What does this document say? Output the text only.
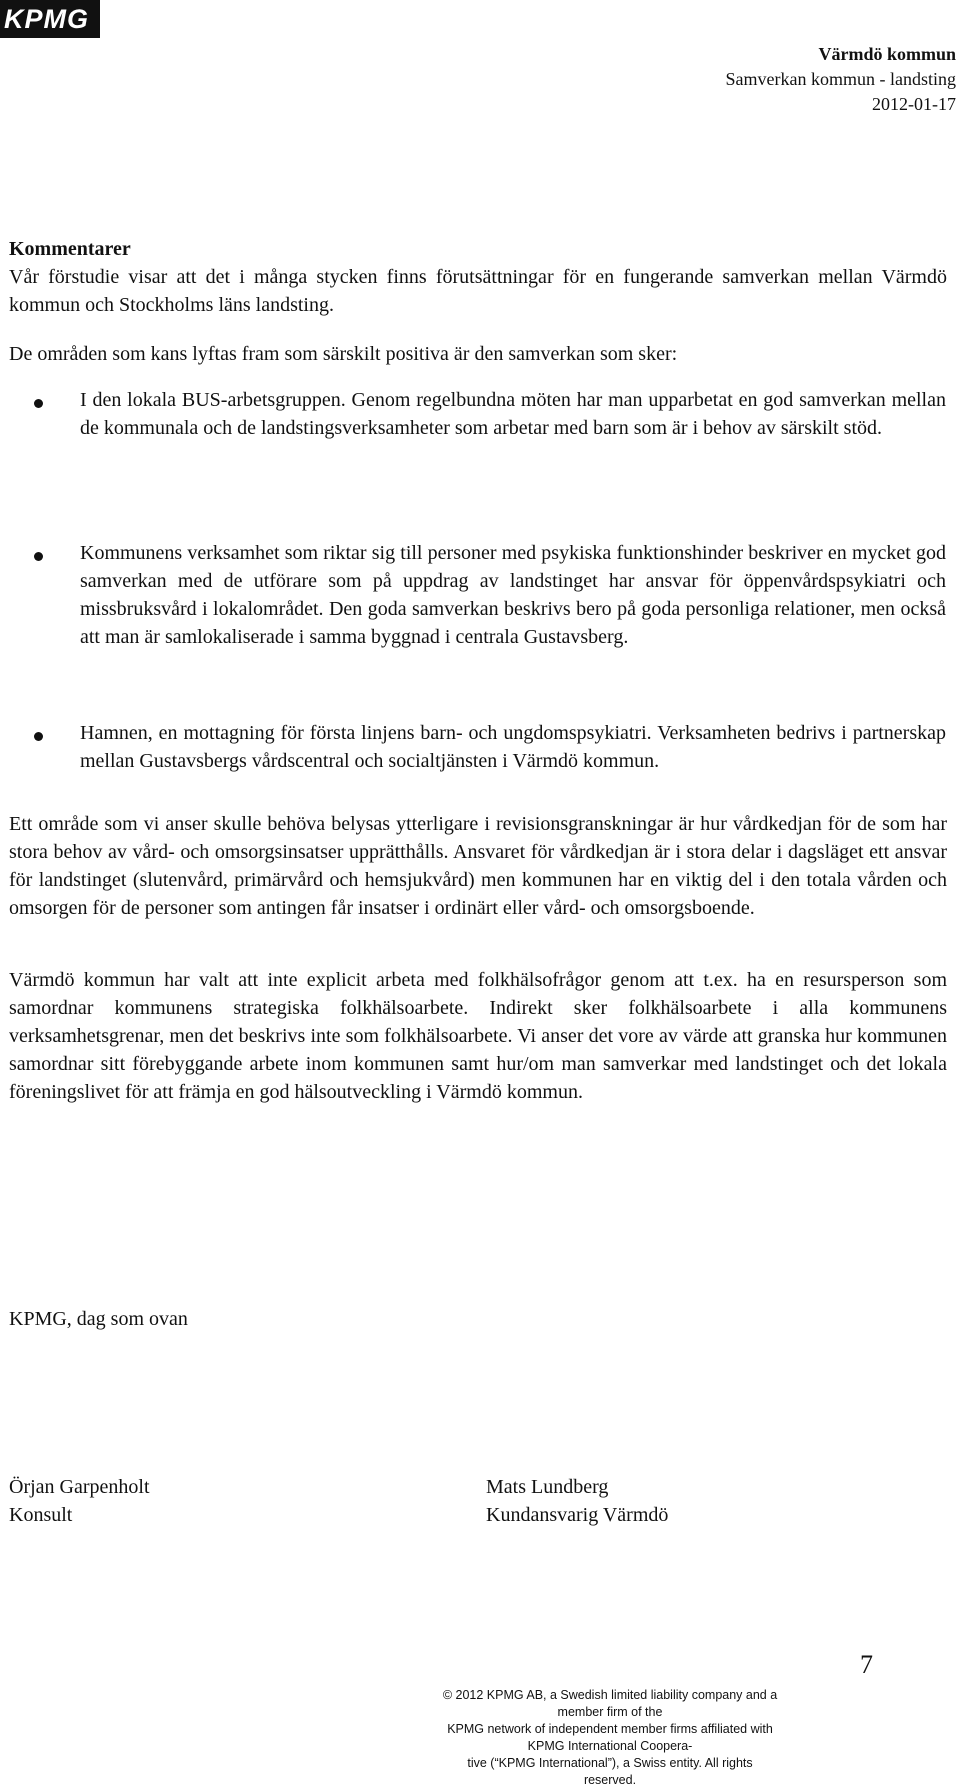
KPMG
Värmdö kommun
Samverkan kommun - landsting
2012-01-17
Kommentarer

Vår förstudie visar att det i många stycken finns förutsättningar för en fungerande samverkan mellan Värmdö kommun och Stockholms läns landsting.

De områden som kans lyftas fram som särskilt positiva är den samverkan som sker:

I den lokala BUS-arbetsgruppen. Genom regelbundna möten har man upparbetat en god samverkan mellan de kommunala och de landstingsverksamheter som arbetar med barn som är i behov av särskilt stöd.
Kommunens verksamhet som riktar sig till personer med psykiska funktionshinder beskriver en mycket god samverkan med de utförare som på uppdrag av landstinget har ansvar för öppenvårdspsykiatri och missbruksvård i lokalområdet. Den goda samverkan beskrivs bero på goda personliga relationer, men också att man är samlokaliserade i samma byggnad i centrala Gustavsberg.
Hamnen, en mottagning för första linjens barn- och ungdomspsykiatri. Verksamheten bedrivs i partnerskap mellan Gustavsbergs vårdscentral och socialtjänsten i Värmdö kommun.

Ett område som vi anser skulle behöva belysas ytterligare i revisionsgranskningar är hur vårdkedjan för de som har stora behov av vård- och omsorgsinsatser upprätthålls. Ansvaret för vårdkedjan är i stora delar i dagsläget ett ansvar för landstinget (slutenvård, primärvård och hemsjukvård) men kommunen har en viktig del i den totala vården och omsorgen för de personer som antingen får insatser i ordinärt eller vård- och omsorgsboende.

Värmdö kommun har valt att inte explicit arbeta med folkhälsofrågor genom att t.ex. ha en resursperson som samordnar kommunens strategiska folkhälsoarbete. Indirekt sker folkhälsoarbete i alla kommunens verksamhetsgrenar, men det beskrivs inte som folkhälsoarbete. Vi anser det vore av värde att granska hur kommunen samordnar sitt förebyggande arbete inom kommunen samt hur/om man samverkar med landstinget och det lokala föreningslivet för att främja en god hälsoutveckling i Värmdö kommun.

KPMG, dag som ovan
Örjan Garpenholt
Konsult
Mats Lundberg
Kundansvarig Värmdö
7
© 2012 KPMG AB, a Swedish limited liability company and a member firm of the
KPMG network of independent member firms affiliated with KPMG International Coopera-
tive (“KPMG International”), a Swiss entity. All rights reserved.
